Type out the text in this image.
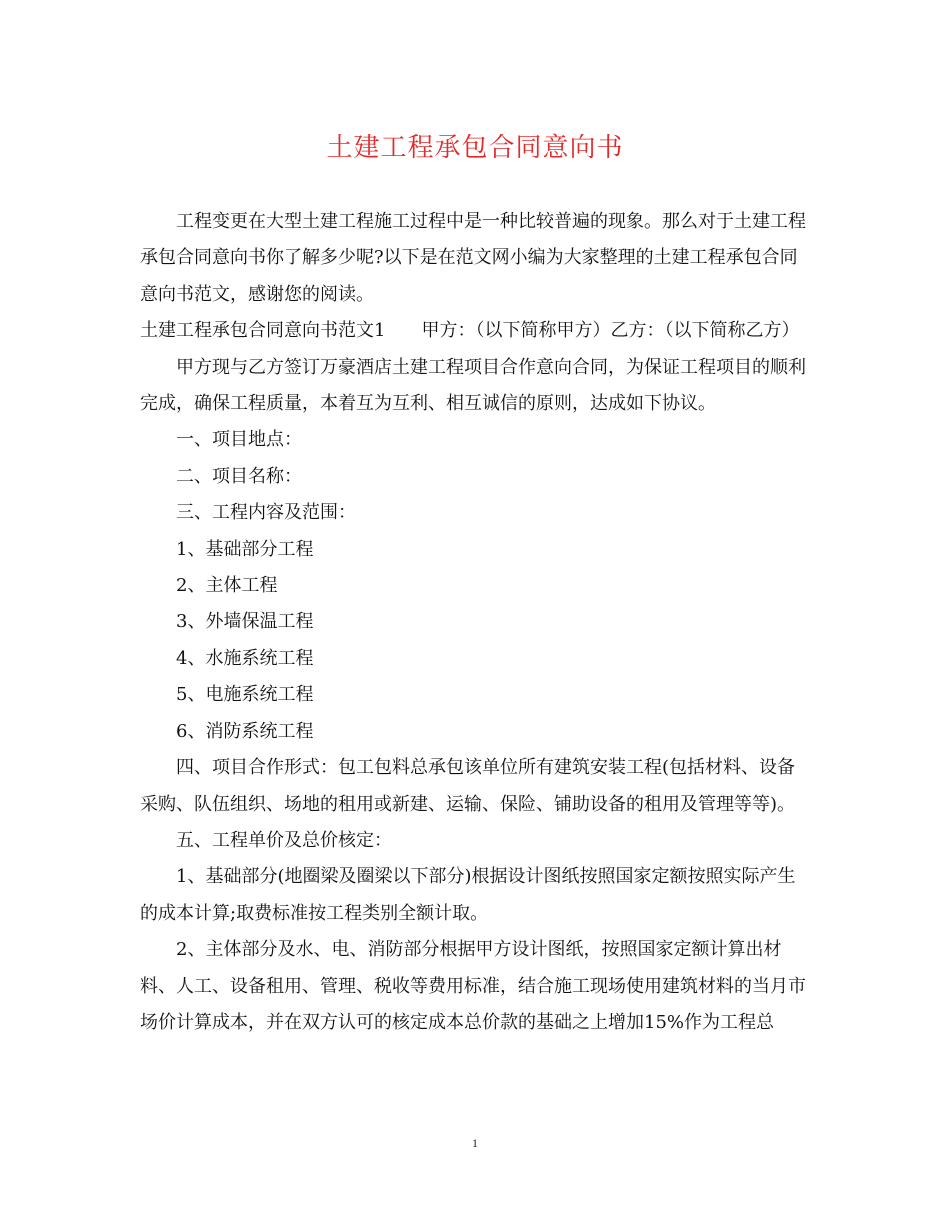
土建工程承包合同意向书

工程变更在大型土建工程施工过程中是一种比较普遍的现象。那么对于土建工程承包合同意向书你了解多少呢?以下是在范文网小编为大家整理的土建工程承包合同意向书范文，感谢您的阅读。

土建工程承包合同意向书范文1　　甲方：（以下简称甲方）乙方：（以下简称乙方）

甲方现与乙方签订万豪酒店土建工程项目合作意向合同，为保证工程项目的顺利完成，确保工程质量，本着互为互利、相互诚信的原则，达成如下协议。

一、项目地点：

二、项目名称：

三、工程内容及范围：

1、基础部分工程

2、主体工程

3、外墙保温工程

4、水施系统工程

5、电施系统工程

6、消防系统工程

四、项目合作形式：包工包料总承包该单位所有建筑安装工程(包括材料、设备采购、队伍组织、场地的租用或新建、运输、保险、铺助设备的租用及管理等等)。

五、工程单价及总价核定：

1、基础部分(地圈梁及圈梁以下部分)根据设计图纸按照国家定额按照实际产生的成本计算;取费标准按工程类别全额计取。

2、主体部分及水、电、消防部分根据甲方设计图纸，按照国家定额计算出材料、人工、设备租用、管理、税收等费用标准，结合施工现场使用建筑材料的当月市场价计算成本，并在双方认可的核定成本总价款的基础之上增加15%作为工程总

1
